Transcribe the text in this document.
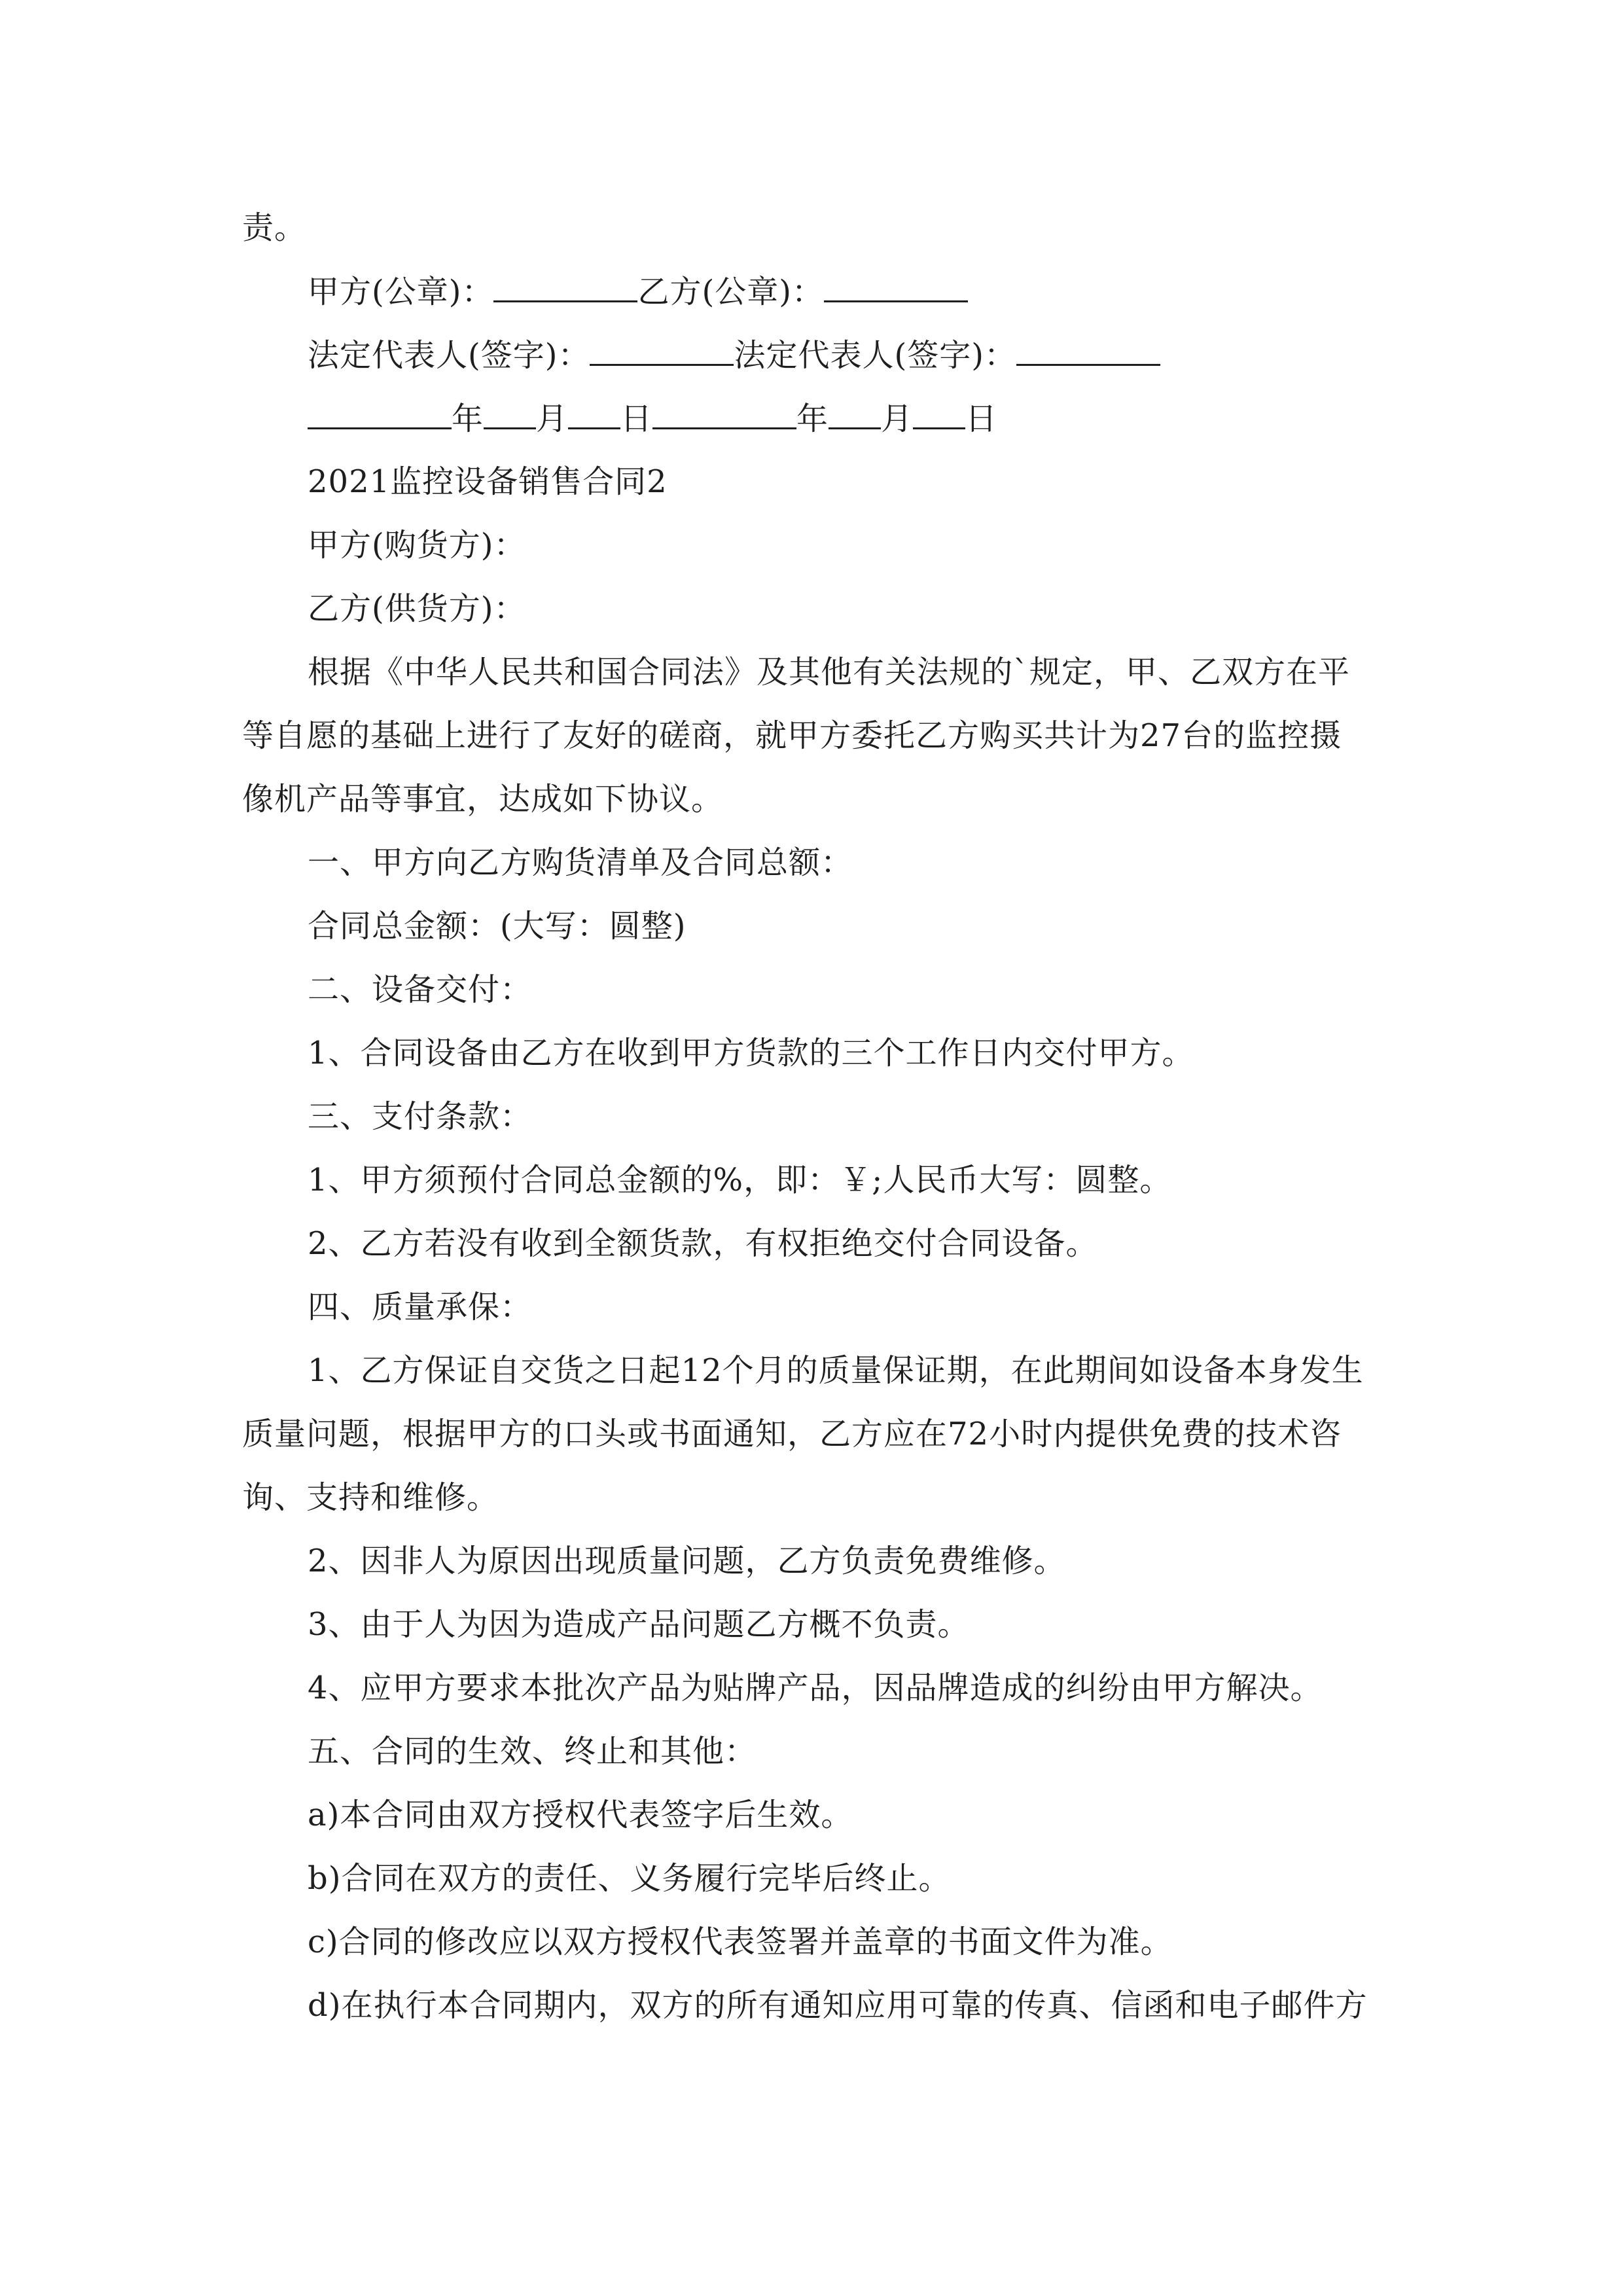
责。
甲方(公章)：	乙方(公章)：
法定代表人(签字)：	法定代表人(签字)：
年 月 日	年 月 日
2021监控设备销售合同2
甲方(购货方)：
乙方(供货方)：
根据《中华人民共和国合同法》及其他有关法规的`规定，甲、乙双方在平
等自愿的基础上进行了友好的磋商，就甲方委托乙方购买共计为27台的监控摄
像机产品等事宜，达成如下协议。
一、甲方向乙方购货清单及合同总额：
合同总金额：(大写：圆整)
二、设备交付：
1、合同设备由乙方在收到甲方货款的三个工作日内交付甲方。
三、支付条款：
1、甲方须预付合同总金额的%，即：￥;人民币大写：圆整。
2、乙方若没有收到全额货款，有权拒绝交付合同设备。
四、质量承保：
1、乙方保证自交货之日起12个月的质量保证期，在此期间如设备本身发生
质量问题，根据甲方的口头或书面通知，乙方应在72小时内提供免费的技术咨
询、支持和维修。
2、因非人为原因出现质量问题，乙方负责免费维修。
3、由于人为因为造成产品问题乙方概不负责。
4、应甲方要求本批次产品为贴牌产品，因品牌造成的纠纷由甲方解决。
五、合同的生效、终止和其他：
a)本合同由双方授权代表签字后生效。
b)合同在双方的责任、义务履行完毕后终止。
c)合同的修改应以双方授权代表签署并盖章的书面文件为准。
d)在执行本合同期内，双方的所有通知应用可靠的传真、信函和电子邮件方
